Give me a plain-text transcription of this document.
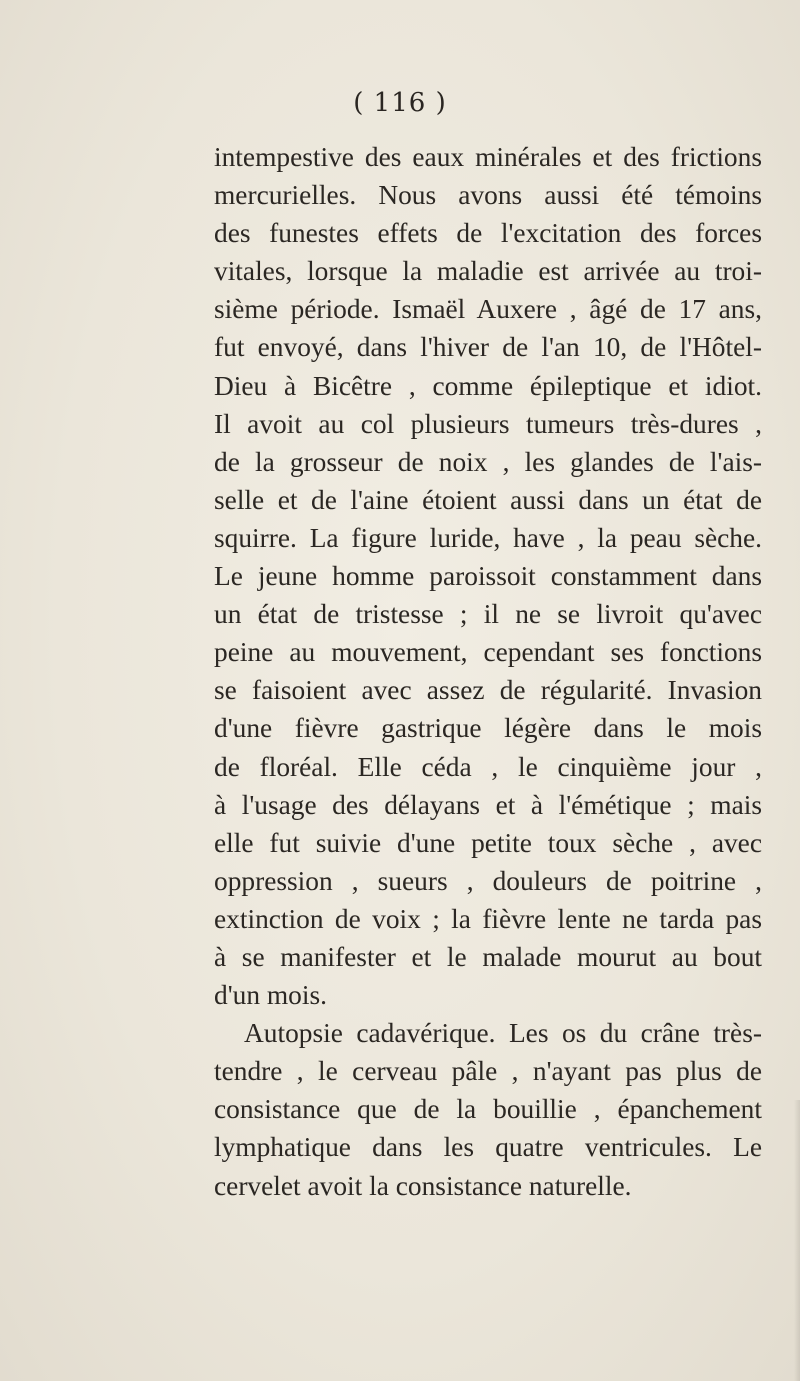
( 116 )
intempestive des eaux minérales et des frictions
mercurielles. Nous avons aussi été témoins
des funestes effets de l'excitation des forces
vitales, lorsque la maladie est arrivée au troi-
sième période. Ismaël Auxere , âgé de 17 ans,
fut envoyé, dans l'hiver de l'an 10, de l'Hôtel-
Dieu à Bicêtre , comme épileptique et idiot.
Il avoit au col plusieurs tumeurs très-dures ,
de la grosseur de noix , les glandes de l'ais-
selle et de l'aine étoient aussi dans un état de
squirre. La figure luride, have , la peau sèche.
Le jeune homme paroissoit constamment dans
un état de tristesse ; il ne se livroit qu'avec
peine au mouvement, cependant ses fonctions
se faisoient avec assez de régularité. Invasion
d'une fièvre gastrique légère dans le mois
de floréal. Elle céda , le cinquième jour ,
à l'usage des délayans et à l'émétique ; mais
elle fut suivie d'une petite toux sèche , avec
oppression , sueurs , douleurs de poitrine ,
extinction de voix ; la fièvre lente ne tarda pas
à se manifester et le malade mourut au bout
d'un mois.
Autopsie cadavérique. Les os du crâne très-
tendre , le cerveau pâle , n'ayant pas plus de
consistance que de la bouillie , épanchement
lymphatique dans les quatre ventricules. Le
cervelet avoit la consistance naturelle.
